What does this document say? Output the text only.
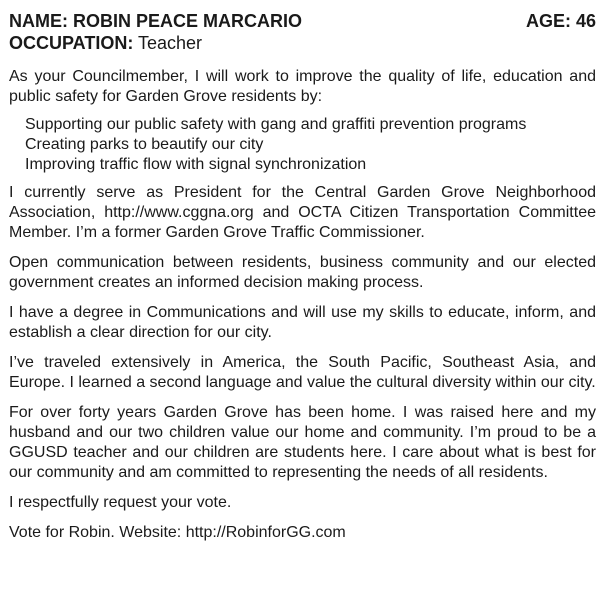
NAME: ROBIN PEACE MARCARIO	AGE: 46
OCCUPATION: Teacher

As your Councilmember, I will work to improve the quality of life, education and public safety for Garden Grove residents by:

Supporting our public safety with gang and graffiti prevention programs
Creating parks to beautify our city
Improving traffic flow with signal synchronization

I currently serve as President for the Central Garden Grove Neighborhood Association, http://www.cggna.org and OCTA Citizen Transportation Committee Member. I’m a former Garden Grove Traffic Commissioner.

Open communication between residents, business community and our elected government creates an informed decision making process.

I have a degree in Communications and will use my skills to educate, inform, and establish a clear direction for our city.

I’ve traveled extensively in America, the South Pacific, Southeast Asia, and Europe. I learned a second language and value the cultural diversity within our city.

For over forty years Garden Grove has been home. I was raised here and my husband and our two children value our home and community. I’m proud to be a GGUSD teacher and our children are students here. I care about what is best for our community and am committed to representing the needs of all residents.

I respectfully request your vote.

Vote for Robin. Website: http://RobinforGG.com
